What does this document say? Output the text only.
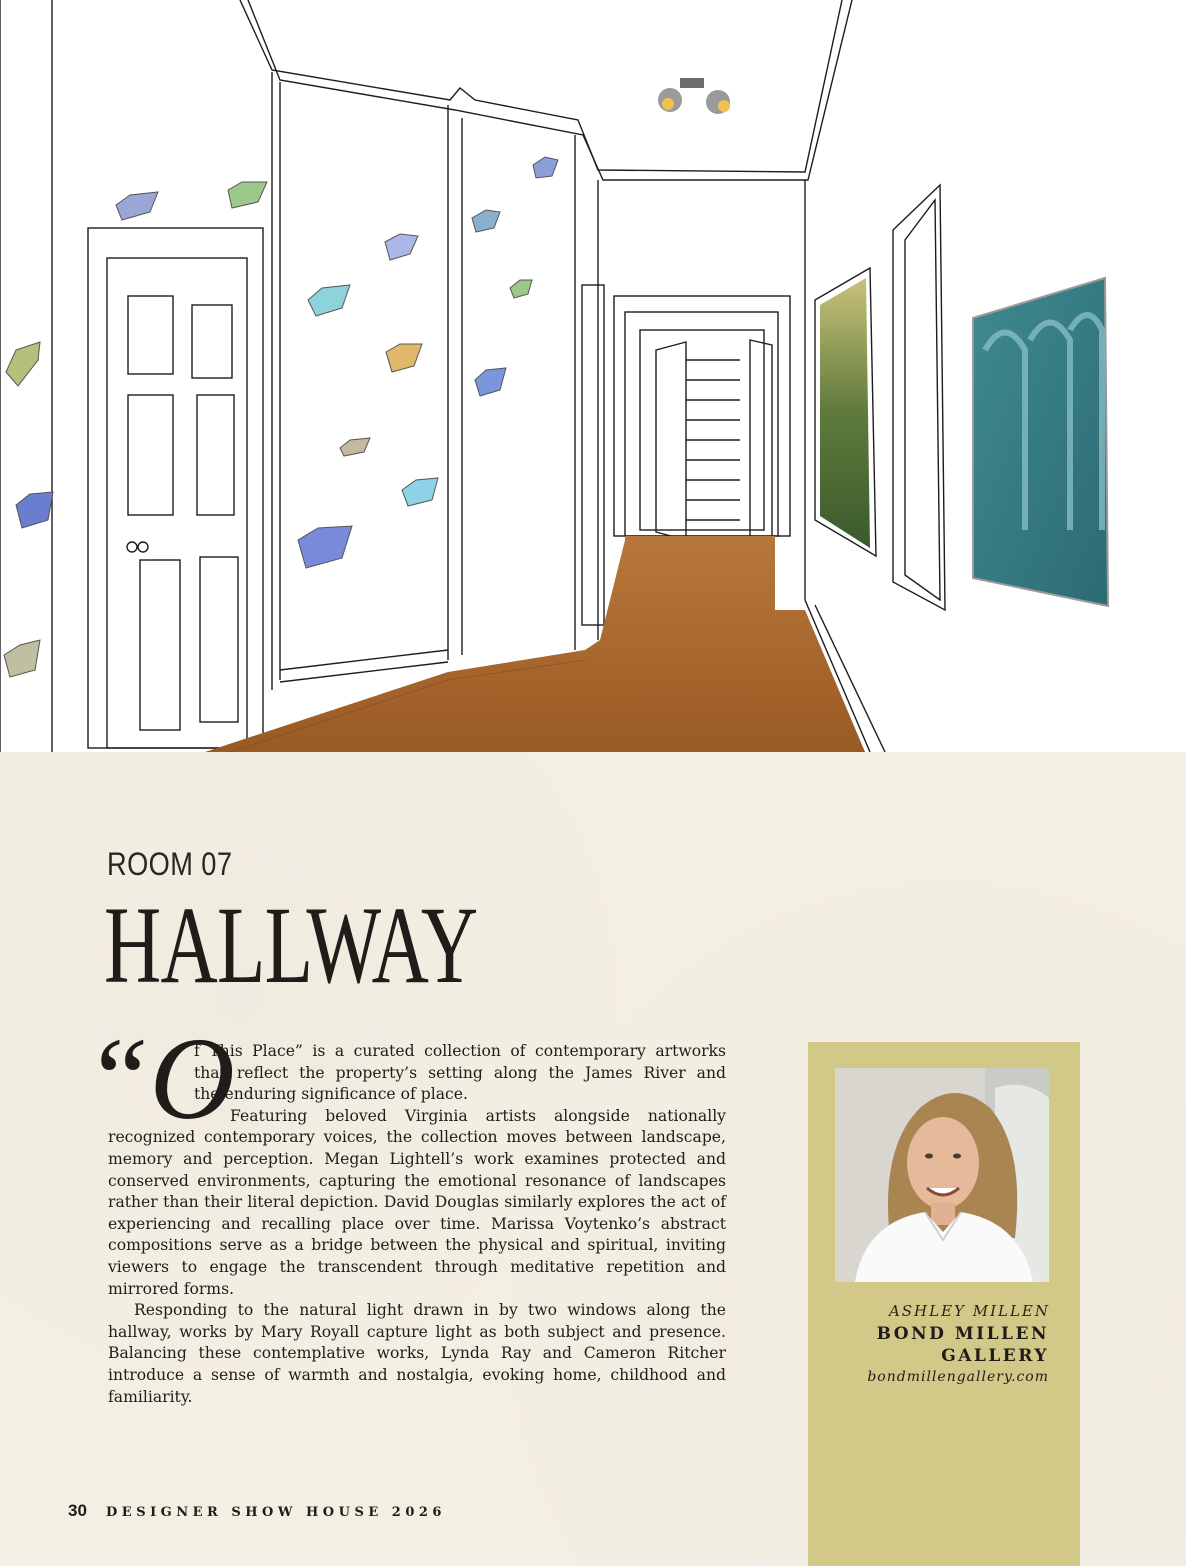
ROOM 07
HALLWAY
“O

f This Place” is a curated collection of contemporary artworks
that reflect the property’s setting along the James River and
the enduring significance of place.

Featuring beloved Virginia artists alongside nationally recognized contemporary voices, the collection moves between landscape, memory and perception. Megan Lightell’s work examines protected and conserved environments, capturing the emotional resonance of landscapes rather than their literal depiction. David Douglas similarly explores the act of experiencing and recalling place over time. Marissa Voytenko’s abstract compositions serve as a bridge between the physical and spiritual, inviting viewers to engage the transcendent through meditative repetition and mirrored forms.

Responding to the natural light drawn in by two windows along the hallway, works by Mary Royall capture light as both subject and presence. Balancing these contemplative works, Lynda Ray and Cameron Ritcher introduce a sense of warmth and nostalgia, evoking home, childhood and familiarity.

ASHLEY MILLEN
BOND MILLEN GALLERY
bondmillengallery.com
30 DESIGNER SHOW HOUSE 2026
